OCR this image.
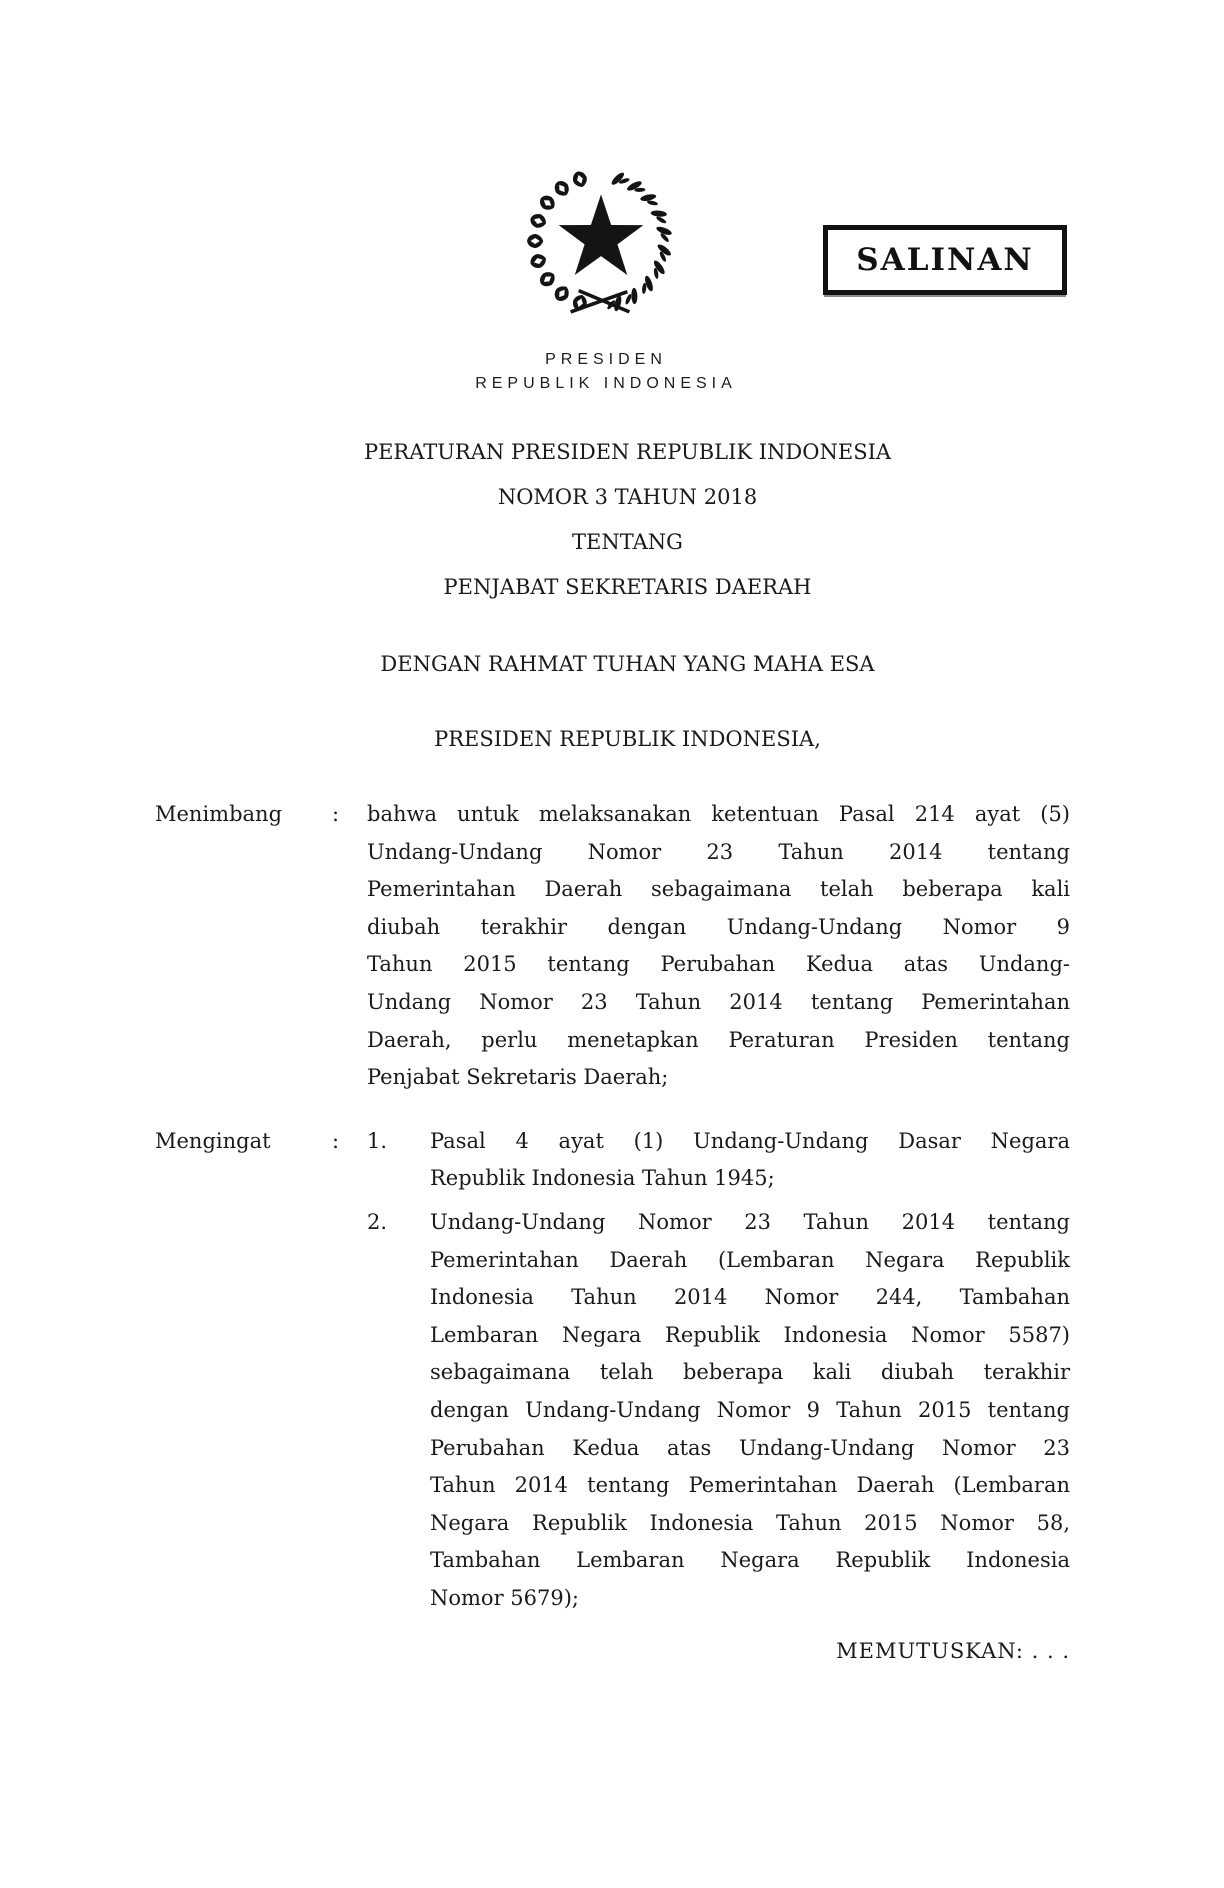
SALINAN
PRESIDEN
REPUBLIK INDONESIA
PERATURAN PRESIDEN REPUBLIK INDONESIA
NOMOR 3 TAHUN 2018
TENTANG
PENJABAT SEKRETARIS DAERAH
DENGAN RAHMAT TUHAN YANG MAHA ESA
PRESIDEN REPUBLIK INDONESIA,
Menimbang	:	bahwa untuk melaksanakan ketentuan Pasal 214 ayat (5)
Undang-Undang Nomor 23 Tahun 2014 tentang
Pemerintahan Daerah sebagaimana telah beberapa kali
diubah terakhir dengan Undang-Undang Nomor 9
Tahun 2015 tentang Perubahan Kedua atas Undang-
Undang Nomor 23 Tahun 2014 tentang Pemerintahan
Daerah, perlu menetapkan Peraturan Presiden tentang
Penjabat Sekretaris Daerah;
Mengingat	:	1.	Pasal 4 ayat (1) Undang-Undang Dasar Negara
Republik Indonesia Tahun 1945;
2.	Undang-Undang Nomor 23 Tahun 2014 tentang
Pemerintahan Daerah (Lembaran Negara Republik
Indonesia Tahun 2014 Nomor 244, Tambahan
Lembaran Negara Republik Indonesia Nomor 5587)
sebagaimana telah beberapa kali diubah terakhir
dengan Undang-Undang Nomor 9 Tahun 2015 tentang
Perubahan Kedua atas Undang-Undang Nomor 23
Tahun 2014 tentang Pemerintahan Daerah (Lembaran
Negara Republik Indonesia Tahun 2015 Nomor 58,
Tambahan Lembaran Negara Republik Indonesia
Nomor 5679);
MEMUTUSKAN: . . .
